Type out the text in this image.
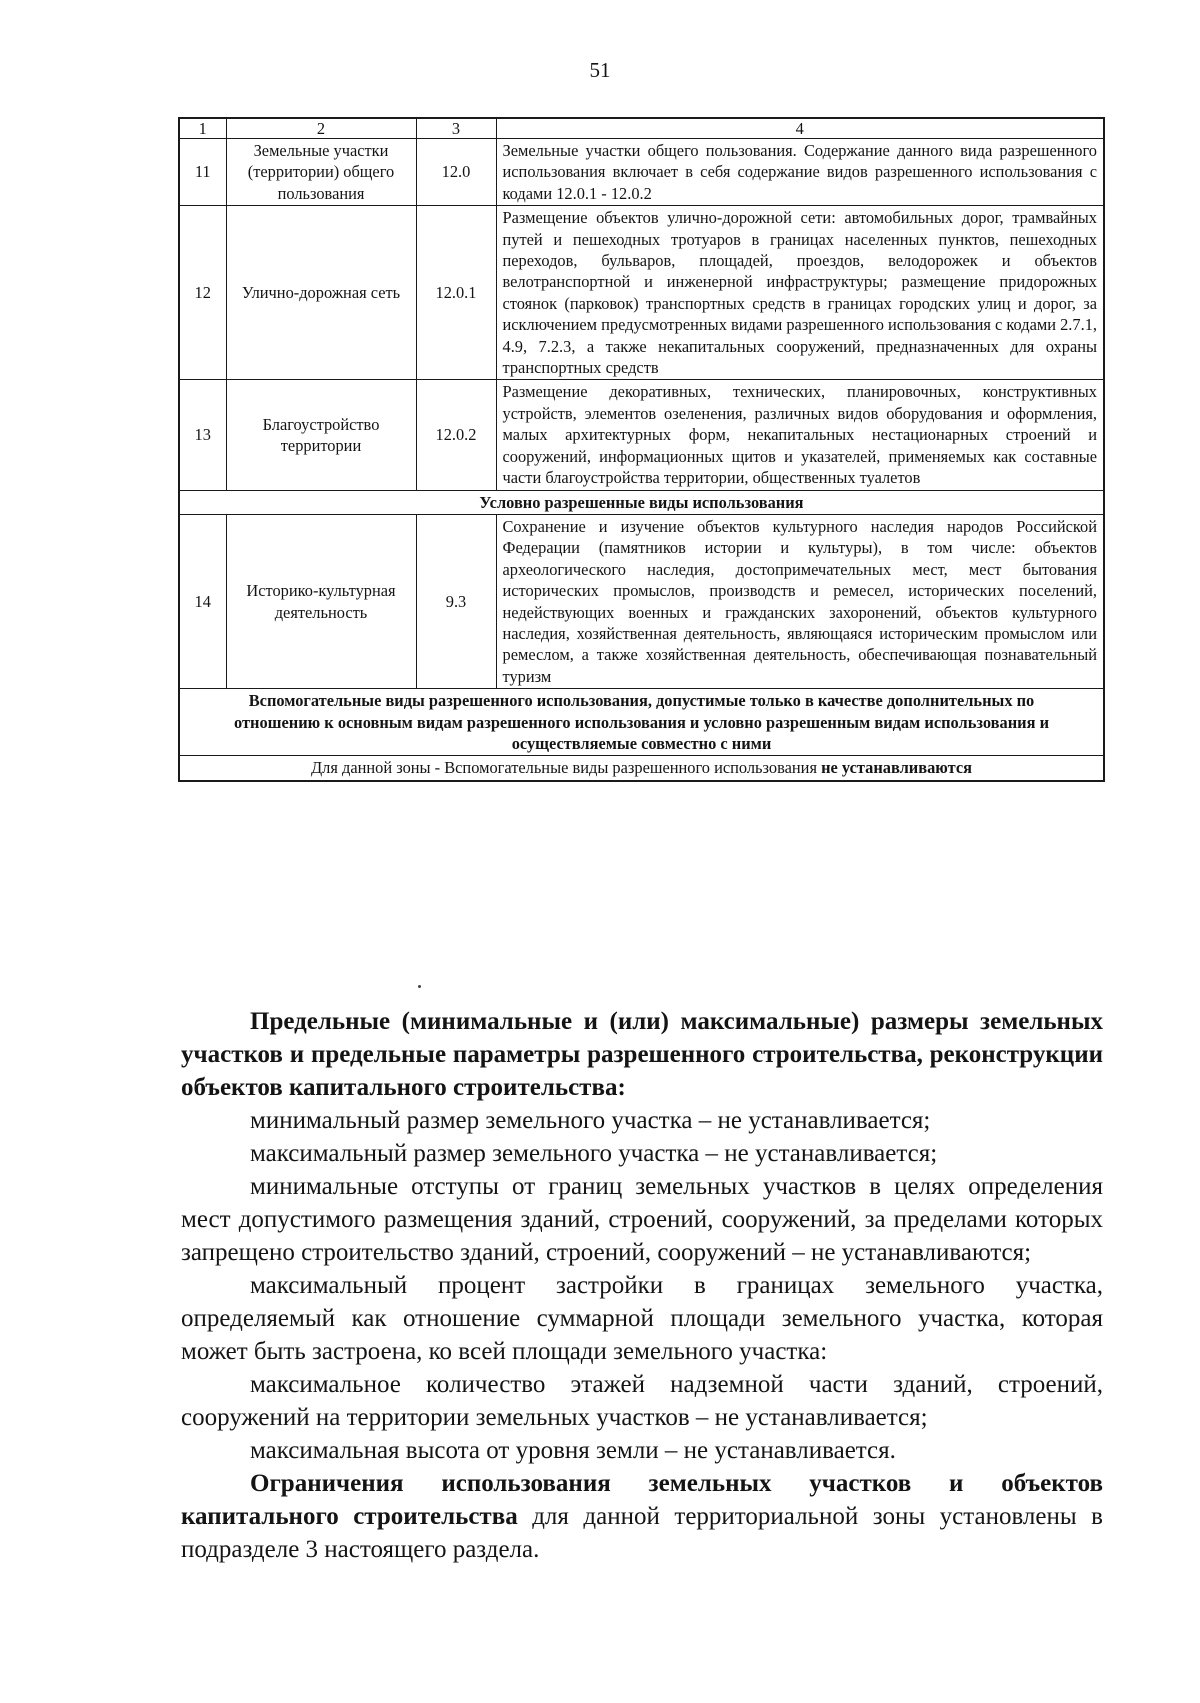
51
1	2	3	4
11	Земельные участки (территории) общего пользования	12.0	Земельные участки общего пользования. Содержание данного вида разрешенного использования включает в себя содержание видов разрешенного использования с кодами 12.0.1 - 12.0.2
12	Улично-дорожная сеть	12.0.1	Размещение объектов улично-дорожной сети: автомобильных дорог, трамвайных путей и пешеходных тротуаров в границах населенных пунктов, пешеходных переходов, бульваров, площадей, проездов, велодорожек и объектов велотранспортной и инженерной инфраструктуры; размещение придорожных стоянок (парковок) транспортных средств в границах городских улиц и дорог, за исключением предусмотренных видами разрешенного использования с кодами 2.7.1, 4.9, 7.2.3, а также некапитальных сооружений, предназначенных для охраны транспортных средств
13	Благоустройство территории	12.0.2	Размещение декоративных, технических, планировочных, конструктивных устройств, элементов озеленения, различных видов оборудования и оформления, малых архитектурных форм, некапитальных нестационарных строений и сооружений, информационных щитов и указателей, применяемых как составные части благоустройства территории, общественных туалетов
Условно разрешенные виды использования			
14	Историко-культурная деятельность	9.3	Сохранение и изучение объектов культурного наследия народов Российской Федерации (памятников истории и культуры), в том числе: объектов археологического наследия, достопримечательных мест, мест бытования исторических промыслов, производств и ремесел, исторических поселений, недействующих военных и гражданских захоронений, объектов культурного наследия, хозяйственная деятельность, являющаяся историческим промыслом или ремеслом, а также хозяйственная деятельность, обеспечивающая познавательный туризм
Вспомогательные виды разрешенного использования, допустимые только в качестве дополнительных по отношению к основным видам разрешенного использования и условно разрешенным видам использования и осуществляемые совместно с ними			
Для данной зоны - Вспомогательные виды разрешенного использования не устанавливаются			

Предельные (минимальные и (или) максимальные) размеры земельных участков и предельные параметры разрешенного строительства, реконструкции объектов капитального строительства:

минимальный размер земельного участка – не устанавливается;

максимальный размер земельного участка – не устанавливается;

минимальные отступы от границ земельных участков в целях определения мест допустимого размещения зданий, строений, сооружений, за пределами которых запрещено строительство зданий, строений, сооружений – не устанавливаются;

максимальный процент застройки в границах земельного участка, определяемый как отношение суммарной площади земельного участка, которая может быть застроена, ко всей площади земельного участка:

максимальное количество этажей надземной части зданий, строений, сооружений на территории земельных участков – не устанавливается;

максимальная высота от уровня земли – не устанавливается.

Ограничения использования земельных участков и объектов капитального строительства для данной территориальной зоны установлены в подразделе 3 настоящего раздела.
